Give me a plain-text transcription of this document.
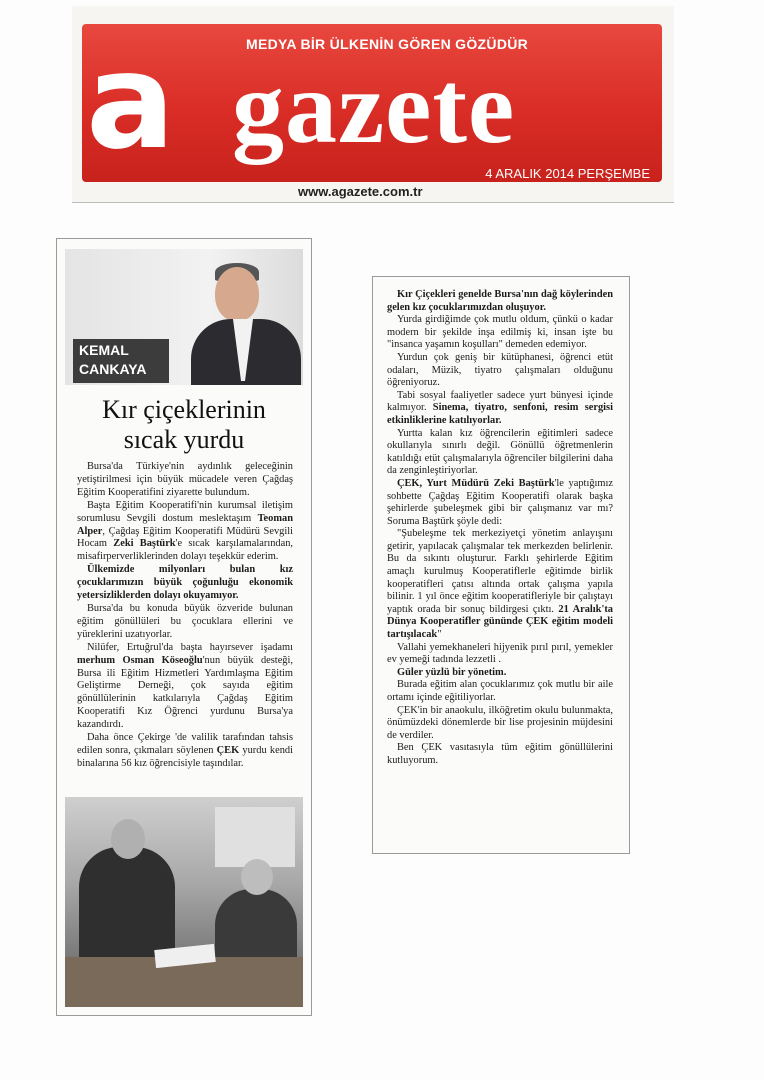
MEDYA BİR ÜLKENİN GÖREN GÖZÜDÜR
a gazete
4 ARALIK 2014 PERŞEMBE
www.agazete.com.tr
KEMAL
CANKAYA
Kır çiçeklerinin
sıcak yurdu

Bursa'da Türkiye'nin aydınlık geleceğinin yetiştirilmesi için büyük mücadele veren Çağdaş Eğitim Kooperatifini ziyarette bulundum.

Başta Eğitim Kooperatifi'nin kurumsal iletişim sorumlusu Sevgili dostum meslektaşım Teoman Alper, Çağdaş Eğitim Kooperatifi Müdürü Sevgili Hocam Zeki Baştürk'e sıcak karşılamalarından, misafirperverliklerinden dolayı teşekkür ederim.

Ülkemizde milyonları bulan kız çocuklarımızın büyük çoğunluğu ekonomik yetersizliklerden dolayı okuyamıyor.

Bursa'da bu konuda büyük özveride bulunan eğitim gönüllüleri bu çocuklara ellerini ve yüreklerini uzatıyorlar.

Nilüfer, Ertuğrul'da başta hayırsever işadamı merhum Osman Köseoğlu'nun büyük desteği, Bursa ili Eğitim Hizmetleri Yardımlaşma Eğitim Geliştirme Derneği, çok sayıda eğitim gönüllülerinin katkılarıyla Çağdaş Eğitim Kooperatifi Kız Öğrenci yurdunu Bursa'ya kazandırdı.

Daha önce Çekirge 'de valilik tarafından tahsis edilen sonra, çıkmaları söylenen ÇEK yurdu kendi binalarına 56 kız öğrencisiyle taşındılar.

Kır Çiçekleri genelde Bursa'nın dağ köylerinden gelen kız çocuklarımızdan oluşuyor.

Yurda girdiğimde çok mutlu oldum, çünkü o kadar modern bir şekilde inşa edilmiş ki, insan işte bu "insanca yaşamın koşulları" demeden edemiyor.

Yurdun çok geniş bir kütüphanesi, öğrenci etüt odaları, Müzik, tiyatro çalışmaları olduğunu öğreniyoruz.

Tabi sosyal faaliyetler sadece yurt bünyesi içinde kalmıyor. Sinema, tiyatro, senfoni, resim sergisi etkinliklerine katılıyorlar.

Yurtta kalan kız öğrencilerin eğitimleri sadece okullarıyla sınırlı değil. Gönüllü öğretmenlerin katıldığı etüt çalışmalarıyla öğrenciler bilgilerini daha da zenginleştiriyorlar.

ÇEK, Yurt Müdürü Zeki Baştürk'le yaptığımız sohbette Çağdaş Eğitim Kooperatifi olarak başka şehirlerde şubeleşmek gibi bir çalışmanız var mı? Soruma Baştürk şöyle dedi:

"Şubeleşme tek merkeziyetçi yönetim anlayışını getirir, yapılacak çalışmalar tek merkezden belirlenir. Bu da sıkıntı oluşturur. Farklı şehirlerde Eğitim amaçlı kurulmuş Kooperatiflerle eğitimde birlik kooperatifleri çatısı altında ortak çalışma yapıla bilinir. 1 yıl önce eğitim kooperatifleriyle bir çalıştayı yaptık orada bir sonuç bildirgesi çıktı. 21 Aralık'ta Dünya Kooperatifler gününde ÇEK eğitim modeli tartışılacak"

Vallahi yemekhaneleri hijyenik pırıl pırıl, yemekler ev yemeği tadında lezzetli .

Güler yüzlü bir yönetim.

Burada eğitim alan çocuklarımız çok mutlu bir aile ortamı içinde eğitiliyorlar.

ÇEK'in bir anaokulu, ilköğretim okulu bulunmakta, önümüzdeki dönemlerde bir lise projesinin müjdesini de verdiler.

Ben ÇEK vasıtasıyla tüm eğitim gönüllülerini kutluyorum.
